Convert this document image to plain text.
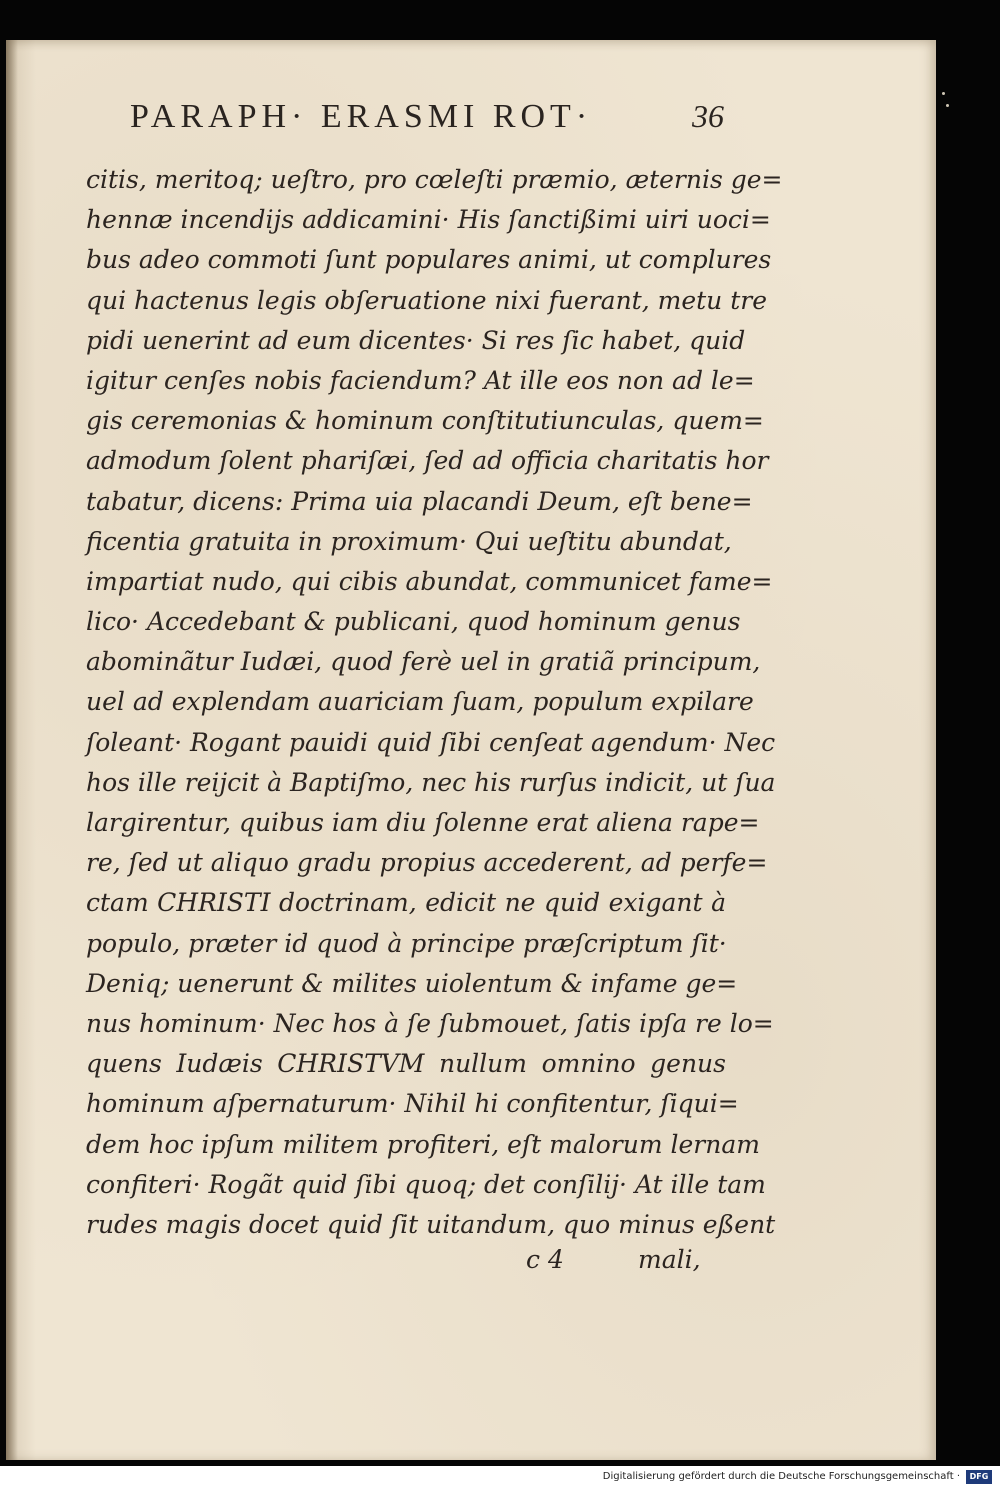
PARAPH· ERASMI ROT·	36
citis, meritoq; ueſtro, pro cœleſti præmio, æternis ge=
hennæ incendijs addicamini· His ſanctißimi uiri uoci=
bus adeo commoti ſunt populares animi, ut complures
qui hactenus legis obſeruatione nixi fuerant, metu tre
pidi uenerint ad eum dicentes· Si res ſic habet, quid
igitur cenſes nobis faciendum? At ille eos non ad le=
gis ceremonias & hominum conſtitutiunculas, quem=
admodum ſolent phariſæi, ſed ad officia charitatis hor
tabatur, dicens: Prima uia placandi Deum, eſt bene=
ficentia gratuita in proximum· Qui ueſtitu abundat,
impartiat nudo, qui cibis abundat, communicet fame=
lico· Accedebant & publicani, quod hominum genus
abominãtur Iudæi, quod ferè uel in gratiã principum,
uel ad explendam auariciam ſuam, populum expilare
ſoleant· Rogant pauidi quid ſibi cenſeat agendum· Nec
hos ille reijcit à Baptiſmo, nec his rurſus indicit, ut ſua
largirentur, quibus iam diu ſolenne erat aliena rape=
re, ſed ut aliquo gradu propius accederent, ad perfe=
ctam CHRISTI doctrinam, edicit ne quid exigant à
populo, præter id quod à principe præſcriptum ſit·
Deniq; uenerunt & milites uiolentum & infame ge=
nus hominum· Nec hos à ſe ſubmouet, ſatis ipſa re lo=
quens Iudæis CHRISTVM nullum omnino genus
hominum aſpernaturum· Nihil hi confitentur, ſiqui=
dem hoc ipſum militem profiteri, eſt malorum lernam
confiteri· Rogãt quid ſibi quoq; det conſilij· At ille tam
rudes magis docet quid ſit uitandum, quo minus eßent
c 4	mali,
Digitalisierung gefördert durch die Deutsche Forschungsgemeinschaft ·	DFG
